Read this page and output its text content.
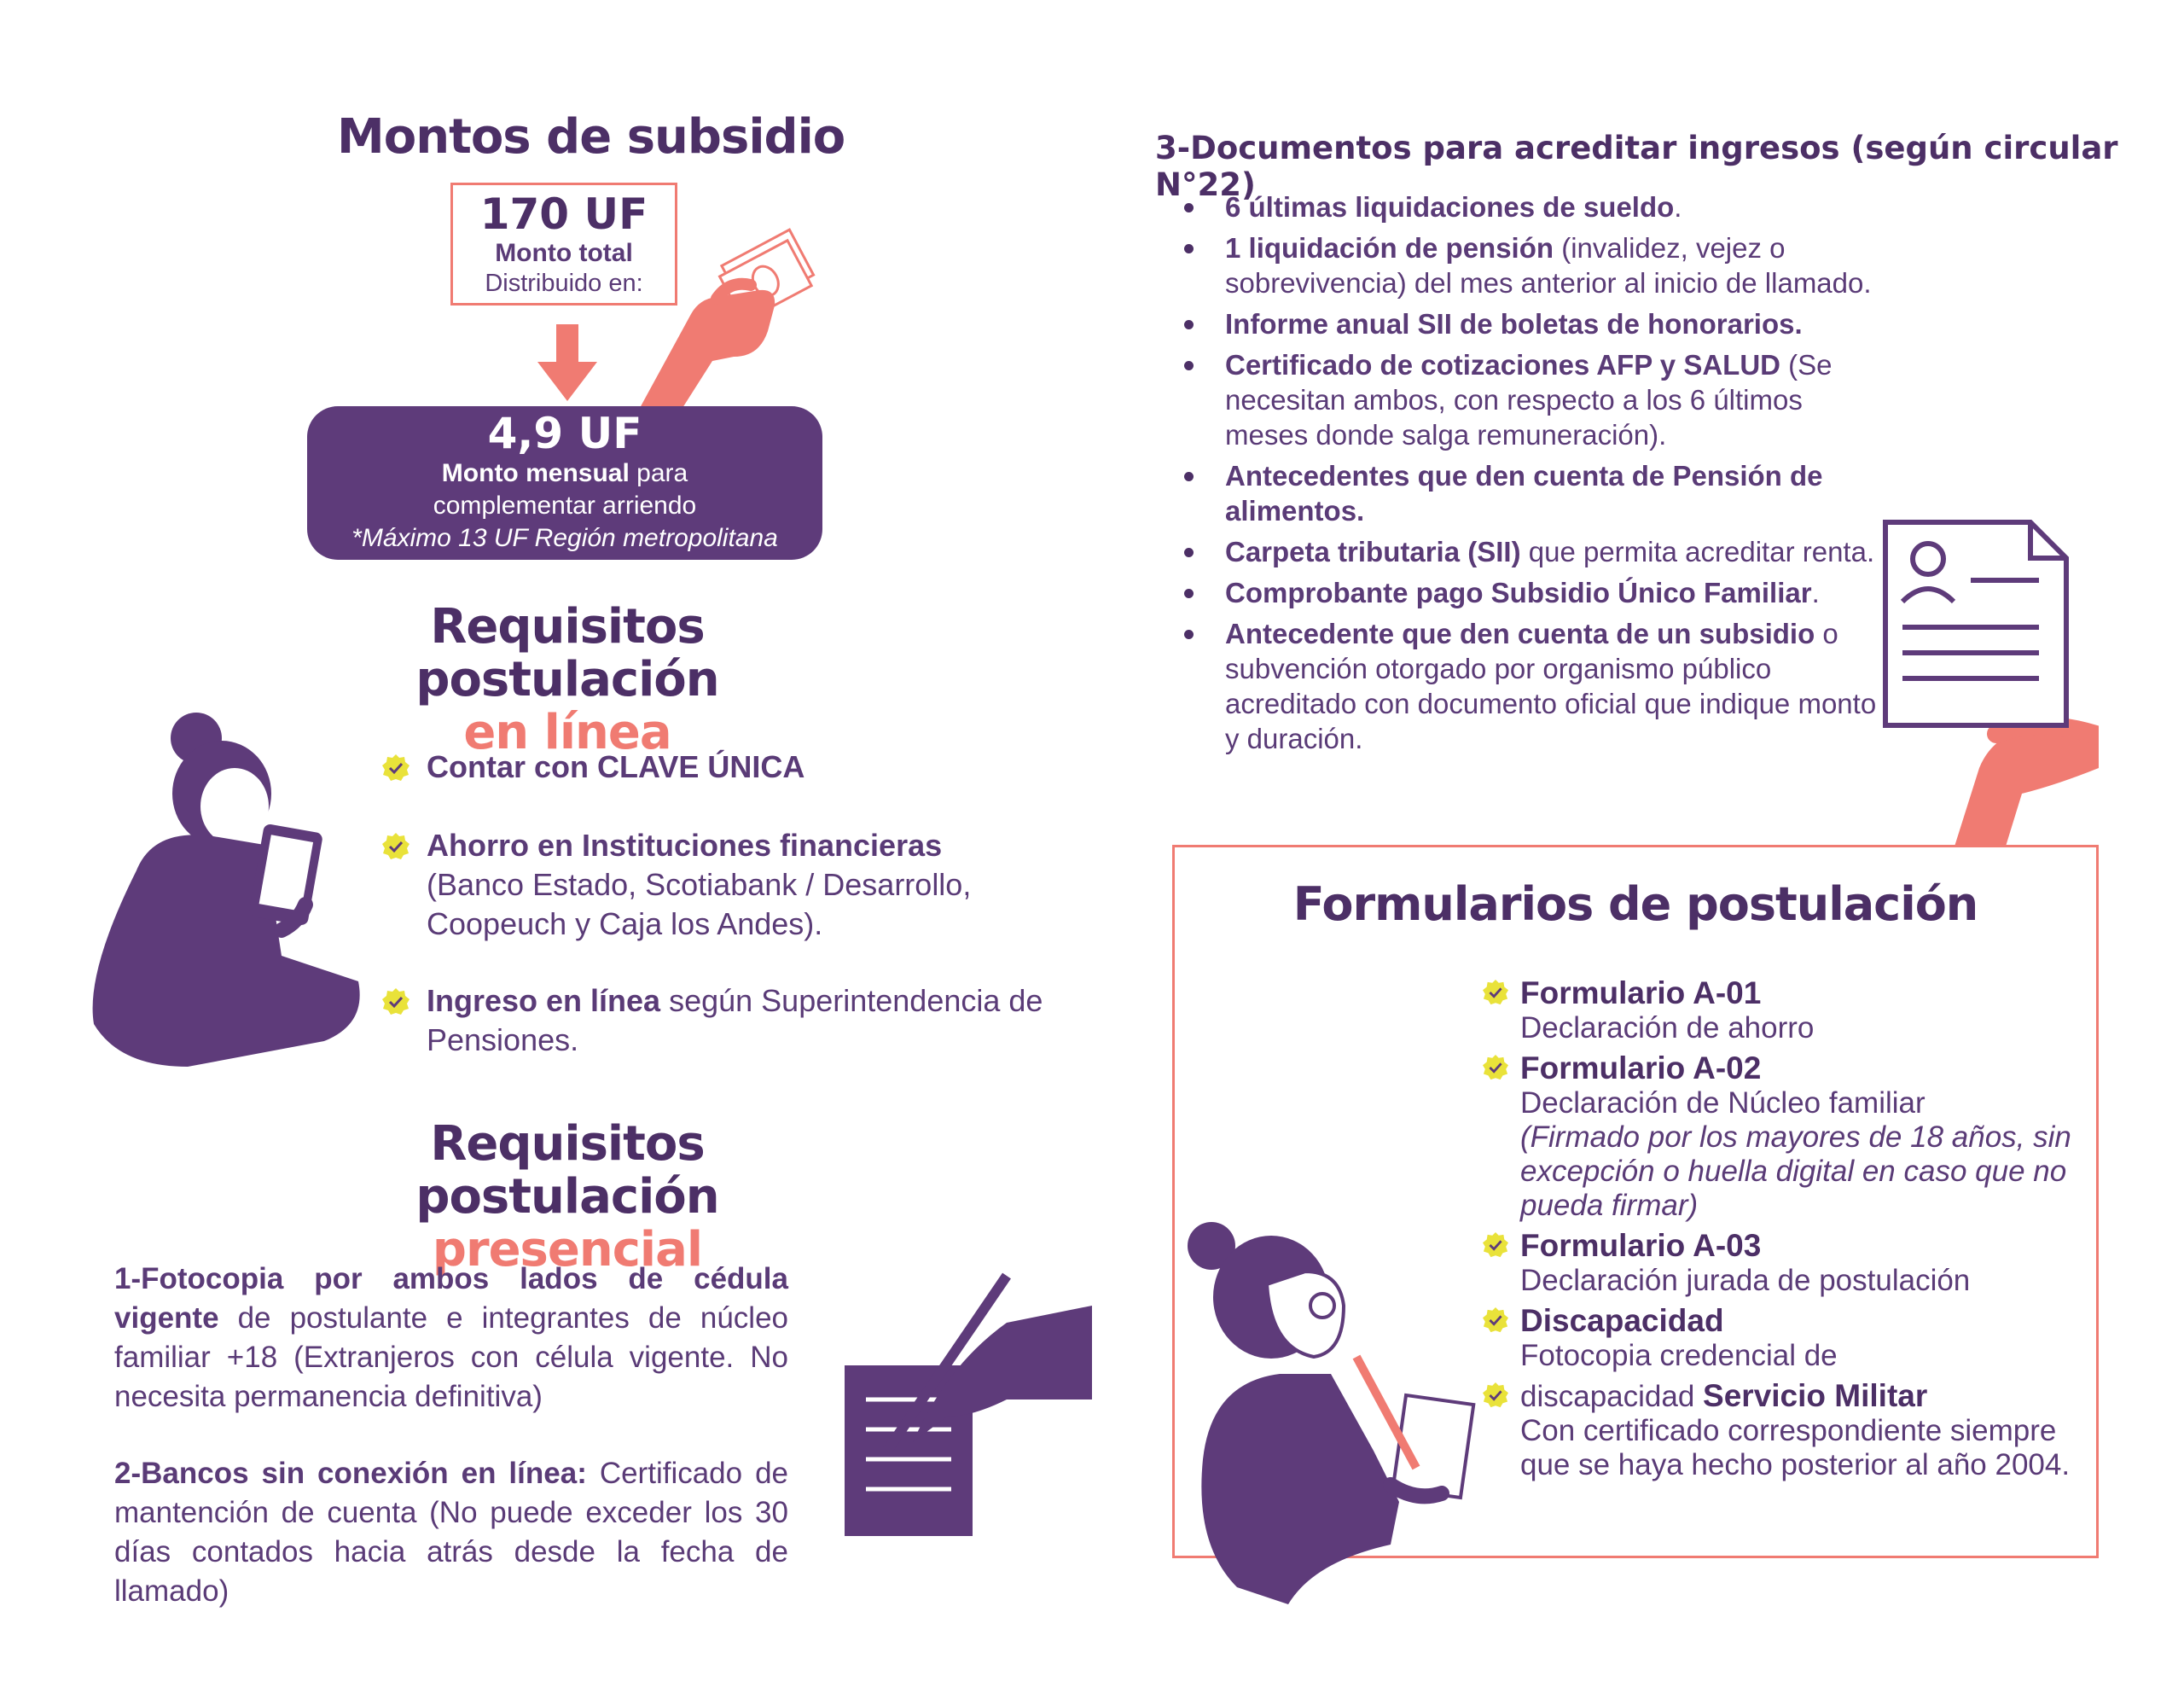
Montos de subsidio
170 UF
Monto total
Distribuido en:
4,9 UF
Monto mensual para
complementar arriendo
*Máximo 13 UF Región metropolitana
Requisitos postulación
en línea
Contar con CLAVE ÚNICA
Ahorro en Instituciones financieras
(Banco Estado, Scotiabank / Desarrollo, Coopeuch y Caja los Andes).
Ingreso en línea según Superintendencia de Pensiones.
Requisitos postulación
presencial
1-Fotocopia por ambos lados de cédula vigente de postulante e integrantes de núcleo familiar +18 (Extranjeros con célula vigente. No necesita permanencia definitiva)
2-Bancos sin conexión en línea: Certificado de mantención de cuenta (No puede exceder los 30 días contados hacia atrás desde la fecha de llamado)
3-Documentos para acreditar ingresos (según circular N°22)
6 últimas liquidaciones de sueldo.
1 liquidación de pensión (invalidez, vejez o sobrevivencia) del mes anterior al inicio de llamado.
Informe anual SII de boletas de honorarios.
Certificado de cotizaciones AFP y SALUD (Se necesitan ambos, con respecto a los 6 últimos meses donde salga remuneración).
Antecedentes que den cuenta de Pensión de alimentos.
Carpeta tributaria (SII) que permita acreditar renta.
Comprobante pago Subsidio Único Familiar.
Antecedente que den cuenta de un subsidio o subvención otorgado por organismo público acreditado con documento oficial que indique monto y duración.
Formularios de postulación
Formulario A-01
Declaración de ahorro
Formulario A-02
Declaración de Núcleo familiar
(Firmado por los mayores de 18 años, sin excepción o huella digital en caso que no pueda firmar)
Formulario A-03
Declaración jurada de postulación
Discapacidad
Fotocopia credencial de
discapacidad Servicio Militar
Con certificado correspondiente siempre que se haya hecho posterior al año 2004.
